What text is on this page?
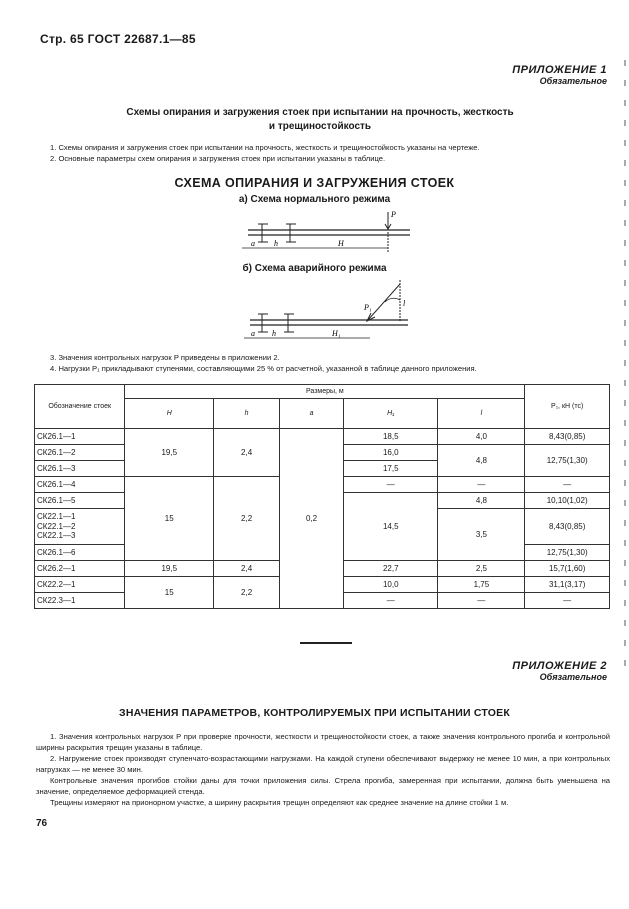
Стр. 65 ГОСТ 22687.1—85
ПРИЛОЖЕНИЕ 1
Обязательное
Схемы опирания и загружения стоек при испытании на прочность, жесткость
и трещиностойкость

1. Схемы опирания и загружения стоек при испытании на прочность, жесткость и трещиностойкость указаны на чертеже.

2. Основные параметры схем опирания и загружения стоек при испытании указаны в таблице.

СХЕМА ОПИРАНИЯ И ЗАГРУЖЕНИЯ СТОЕК
а) Схема нормального режима
P
a h	H
б) Схема аварийного режима
P₁	l
a h	H₁

3. Значения контрольных нагрузок P приведены в приложении 2.

4. Нагрузки P₁ прикладывают ступенями, составляющими 25 % от расчетной, указанной в таблице данного приложения.

Обозначение стоек	Размеры, м					P₁, кН (тс)
	H	h	a	H₁	l	
СК26.1—1	19,5	2,4	0,2	18,5	4,0	8,43(0,85)
СК26.1—2				16,0	4,8	12,75(1,30)
СК26.1—3				17,5		
СК26.1—4	15	2,2		—	—	—
СК26.1—5				14,5	4,8	10,10(1,02)
СК22.1—1
СК22.1—2
СК22.1—3					3,5	8,43(0,85)
СК26.1—6						12,75(1,30)
СК26.2—1	19,5	2,4		22,7	2,5	15,7(1,60)
СК22.2—1	15	2,2		10,0	1,75	31,1(3,17)
СК22.3—1				—	—	—
ПРИЛОЖЕНИЕ 2
Обязательное
ЗНАЧЕНИЯ ПАРАМЕТРОВ, КОНТРОЛИРУЕМЫХ ПРИ ИСПЫТАНИИ СТОЕК

1. Значения контрольных нагрузок P при проверке прочности, жесткости и трещиностойкости стоек, а также значения контрольного прогиба и контрольной ширины раскрытия трещин указаны в таблице.

2. Нагружение стоек производят ступенчато-возрастающими нагрузками. На каждой ступени обеспечивают выдержку не менее 10 мин, а при контрольных нагрузках — не менее 30 мин.

Контрольные значения прогибов стойки даны для точки приложения силы. Стрела прогиба, замеренная при испытании, должна быть уменьшена на значение, определяемое деформацией стенда.

Трещины измеряют на прионорном участке, а ширину раскрытия трещин определяют как среднее значение на длине стойки 1 м.

76
